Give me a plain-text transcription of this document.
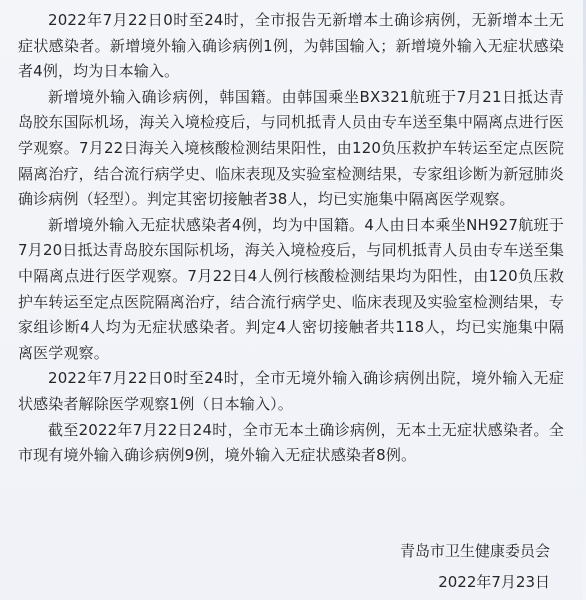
2022年7月22日0时至24时，全市报告无新增本土确诊病例，无新增本土无症状感染者。新增境外输入确诊病例1例，为韩国输入；新增境外输入无症状感染者4例，均为日本输入。

新增境外输入确诊病例，韩国籍。由韩国乘坐BX321航班于7月21日抵达青岛胶东国际机场，海关入境检疫后，与同机抵青人员由专车送至集中隔离点进行医学观察。7月22日海关入境核酸检测结果阳性，由120负压救护车转运至定点医院隔离治疗，结合流行病学史、临床表现及实验室检测结果，专家组诊断为新冠肺炎确诊病例（轻型）。判定其密切接触者38人，均已实施集中隔离医学观察。

新增境外输入无症状感染者4例，均为中国籍。4人由日本乘坐NH927航班于7月20日抵达青岛胶东国际机场，海关入境检疫后，与同机抵青人员由专车送至集中隔离点进行医学观察。7月22日4人例行核酸检测结果均为阳性，由120负压救护车转运至定点医院隔离治疗，结合流行病学史、临床表现及实验室检测结果，专家组诊断4人均为无症状感染者。判定4人密切接触者共118人，均已实施集中隔离医学观察。

2022年7月22日0时至24时，全市无境外输入确诊病例出院，境外输入无症状感染者解除医学观察1例（日本输入）。

截至2022年7月22日24时，全市无本土确诊病例，无本土无症状感染者。全市现有境外输入确诊病例9例，境外输入无症状感染者8例。

青岛市卫生健康委员会
2022年7月23日
